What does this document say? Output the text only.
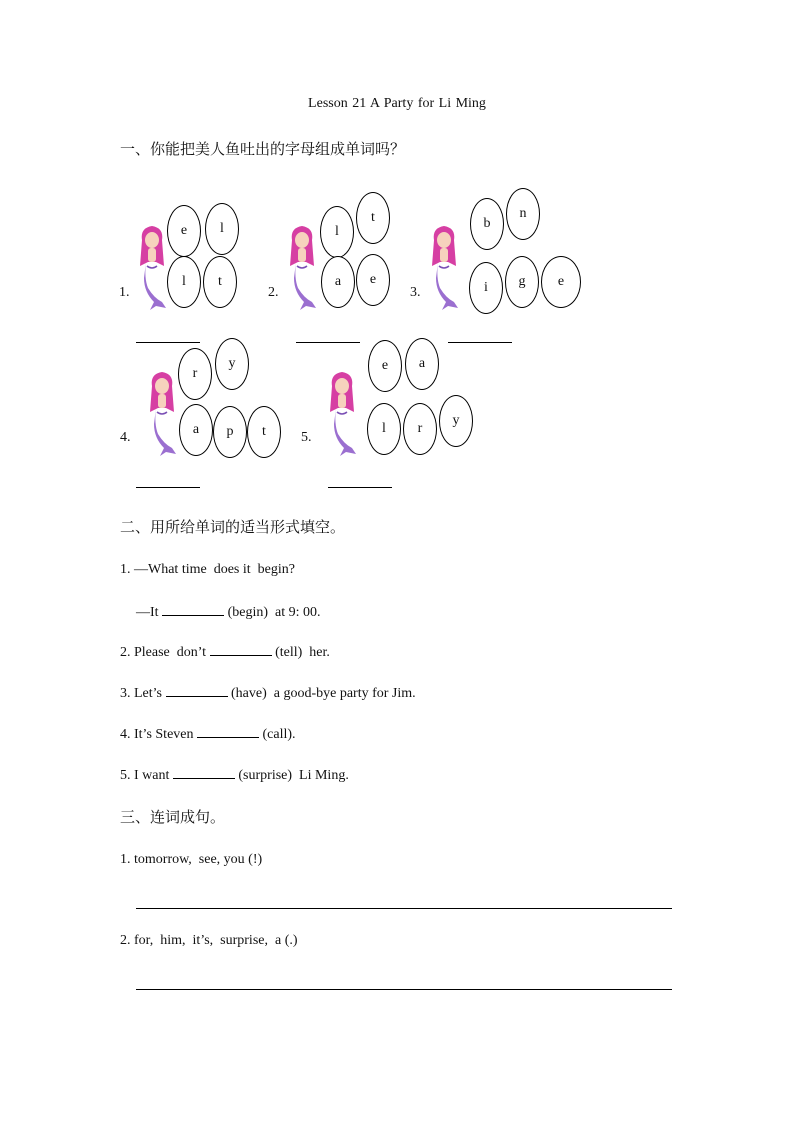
Lesson 21 A Party for Li Ming
一、你能把美人鱼吐出的字母组成单词吗？
1.
e	l
l	t
2.
l
t
a	e
3.
b
n
i	g	e
4.
r
y
a	p	t	5.
e	a
l	r
y
二、用所给单词的适当形式填空。
1. —What time  does it  begin?
—It	(begin)  at 9: 00.
2. Please  don’t	(tell)  her.
3. Let’s	(have)  a good-bye party for Jim.
4. It’s Steven	(call).
5. I want	(surprise)  Li Ming.
三、连词成句。
1. tomorrow,  see, you (!)
2. for,  him,  it’s,  surprise,  a (.)
